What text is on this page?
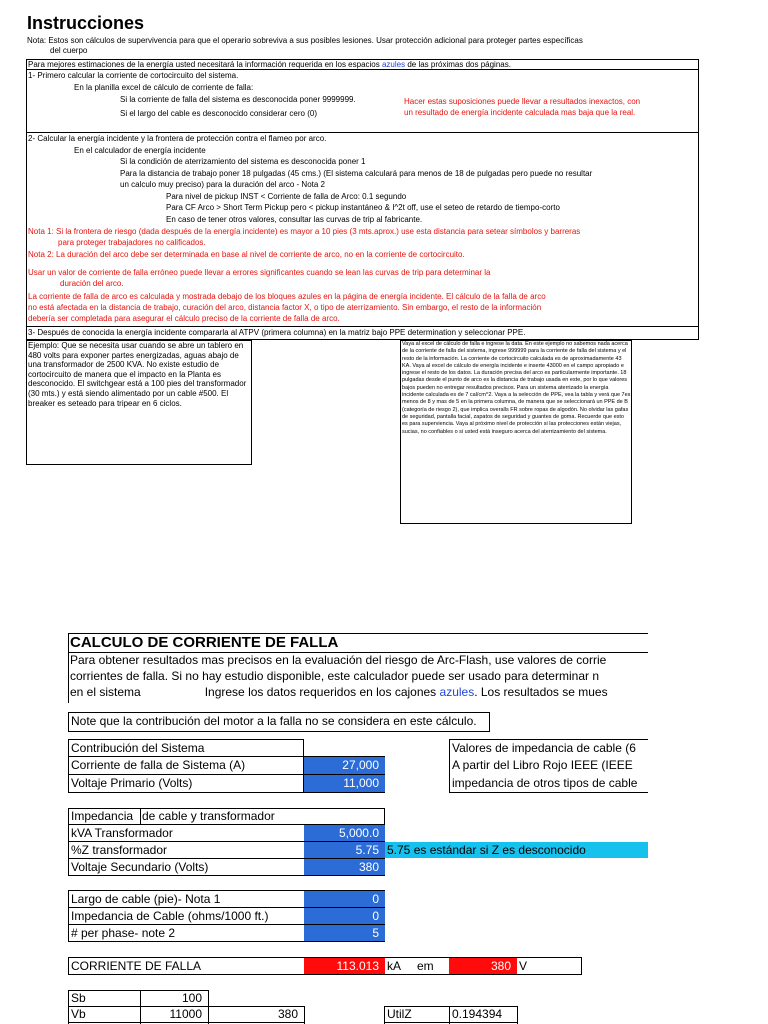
Instrucciones
Nota: Estos son cálculos de supervivencia para que el operario sobreviva a sus posibles lesiones. Usar protección adicional para proteger partes específicas
del cuerpo
Para mejores estimaciones de la energía usted necesitará la información requerida en los espacios azules de las próximas dos páginas.
1- Primero calcular la corriente de cortocircuito del sistema.
En la planilla excel de cálculo de corriente de falla:
Si la corriente de falla del sistema es desconocida poner 9999999.
Si el largo del cable es desconocido considerar cero (0)
Hacer estas suposiciones puede llevar a resultados inexactos, con
un resultado de energía incidente calculada mas baja que la real.
2- Calcular la energía incidente y la frontera de protección contra el flameo por arco.
En el calculador de energía incidente
Si la condición de aterrizamiento del sistema es desconocida poner 1
Para la distancia de trabajo poner 18 pulgadas (45 cms.) (El sistema calculará para menos de 18 de pulgadas pero puede no resultar
un calculo muy preciso) para la duración del arco - Nota 2
Para nivel de pickup INST < Corriente de falla de Arco: 0.1 segundo
Para CF Arco > Short Term Pickup pero < pickup instantáneo & I^2t off, use el seteo de retardo de tiempo-corto
En caso de tener otros valores, consultar las curvas de trip al fabricante.
Nota 1: Si la frontera de riesgo (dada después de la energía incidente) es mayor a 10 pies (3 mts.aprox.) use esta distancia para setear símbolos y barreras
para proteger trabajadores no calificados.
Nota 2: La duración del arco debe ser determinada en base al nivel de corriente de arco, no en la corriente de cortocircuito.
Usar un valor de corriente de falla erróneo puede llevar a errores significantes cuando se lean las curvas de trip para determinar la
duración del arco.
La corriente de falla de arco es calculada y mostrada debajo de los bloques azules en la página de energía incidente. El cálculo de la falla de arco
no está afectada en la distancia de trabajo, curación del arco, distancia factor X, o tipo de aterrizamiento. Sin embargo, el resto de la información
debería ser completada para asegurar el cálculo preciso de la corriente de falla de arco.
3- Después de conocida la energía incidente compararla al ATPV (primera columna) en la matriz bajo PPE determination y seleccionar PPE.
Ejemplo: Que se necesita usar cuando se abre un tablero en 480 volts para exponer partes energizadas, aguas abajo de una transformador de 2500 KVA. No existe estudio de cortocircuito de manera que el impacto en la Planta es desconocido. El switchgear está a 100 pies del transformador (30 mts.) y está siendo alimentado por un cable #500. El breaker es seteado para tripear en 6 ciclos.
Vaya al excel de cálculo de falla e ingrese la data. En este ejemplo no sabemos nada acerca de la corriente de falla del sistema, ingrese 999999 para la corriente de falla del sistema y el resto de la información. La corriente de cortocircuito calculada es de aproximadamente 43 KA. Vaya al excel de cálculo de energía incidente e inserte 43000 en el campo apropiado e ingrese el resto de los datos. La duración precisa del arco es particularmente importante. 18 pulgadas desde el punto de arco es la distancia de trabajo usada en este, por lo que valores bajos pueden no entregar resultados precisos. Para un sistema aterrizado la energía incidente calculada es de 7 cal/cm^2. Vaya a la selección de PPE, vea la tabla y verá que 7es menos de 8 y mas de 5 en la primera columna, de manera que se seleccionará un PPE de B (categoría de riesgo 2), que implica overalls FR sobre ropas de algodón. No olvidar las gafas de seguridad, pantalla facial, zapatos de seguridad y guantes de goma. Recuerde que esto es para superviencia. Vaya al próximo nivel de protección si las protecciones están viejas, sucias, no confiables o si usted está inseguro acerca del aterrizamiento del sistema.
CALCULO DE CORRIENTE DE FALLA
Para obtener resultados mas precisos en la evaluación del riesgo de Arc-Flash, use valores de corrie
corrientes de falla. Si no hay estudio disponible, este calculador puede ser usado para determinar n
en el sistema	Ingrese los datos requeridos en los cajones azules. Los resultados se mues
Note que la contribución del motor a la falla no se considera en este cálculo.
Contribución del Sistema
Corriente de falla de Sistema (A)	27,000
Voltaje Primario (Volts)	11,000
Valores de impedancia de cable (6
A partir del Libro Rojo IEEE (IEEE
impedancia de otros tipos de cable
Impedancia de cable y transformador
kVA Transformador	5,000.0
%Z transformador	5.75 5.75 es estándar si Z es desconocido
Voltaje Secundario (Volts)	380
Largo de cable (pie)- Nota 1	0
Impedancia de Cable (ohms/1000 ft.)	0
# per phase- note 2	5
CORRIENTE DE FALLA	113.013 kA em	380 V
Sb	100
Vb	11000	380	UtilZ	0.194394
